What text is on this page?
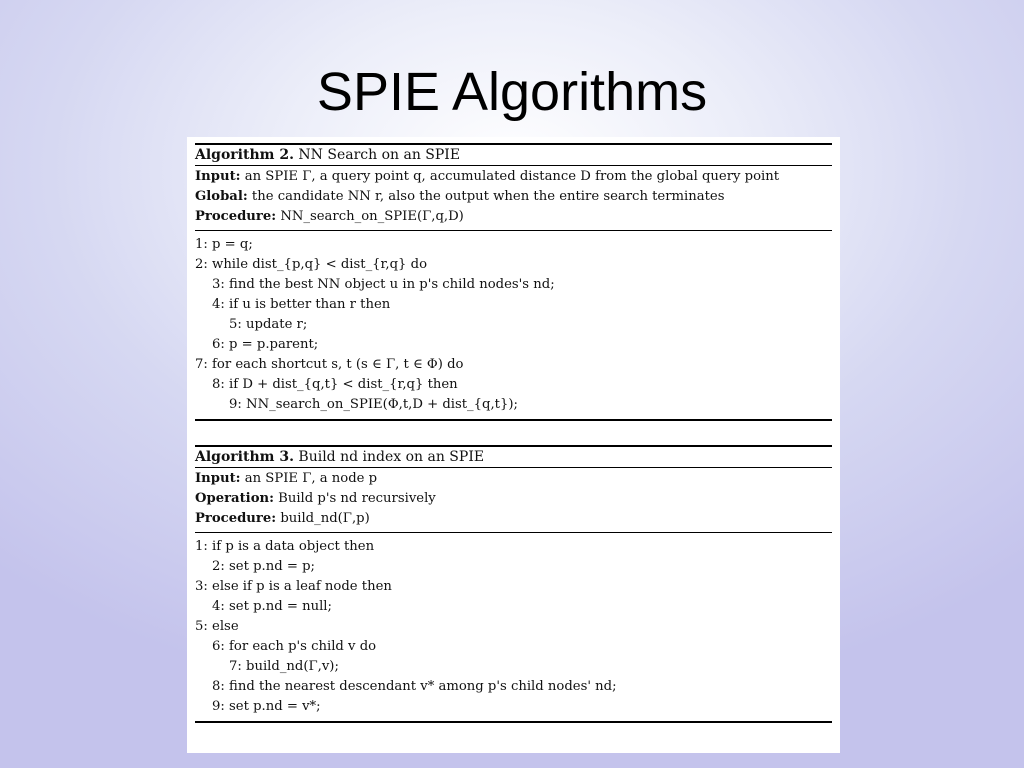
SPIE Algorithms
Algorithm 2. NN Search on an SPIE
Input: an SPIE Γ, a query point q, accumulated distance D from the global query point
Global: the candidate NN r, also the output when the entire search terminates
Procedure: NN_search_on_SPIE(Γ,q,D)
1: p = q;
2: while dist_{p,q} < dist_{r,q} do
3: find the best NN object u in p's child nodes's nd;
4: if u is better than r then
5: update r;
6: p = p.parent;
7: for each shortcut s, t (s ∈ Γ, t ∈ Φ) do
8: if D + dist_{q,t} < dist_{r,q} then
9: NN_search_on_SPIE(Φ,t,D + dist_{q,t});
Algorithm 3. Build nd index on an SPIE
Input: an SPIE Γ, a node p
Operation: Build p's nd recursively
Procedure: build_nd(Γ,p)
1: if p is a data object then
2: set p.nd = p;
3: else if p is a leaf node then
4: set p.nd = null;
5: else
6: for each p's child v do
7: build_nd(Γ,v);
8: find the nearest descendant v* among p's child nodes' nd;
9: set p.nd = v*;
